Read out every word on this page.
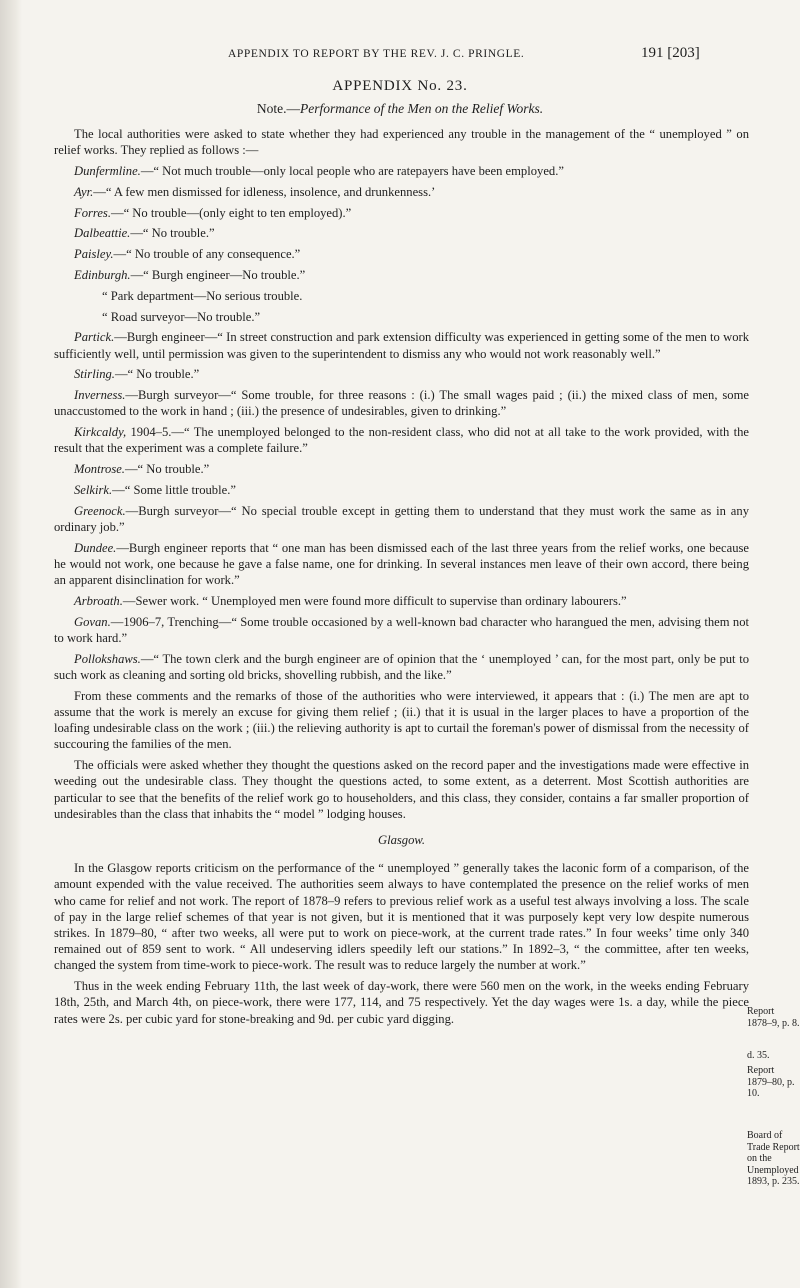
APPENDIX TO REPORT BY THE REV. J. C. PRINGLE.	191 [203]
APPENDIX No. 23.
Note.—Performance of the Men on the Relief Works.

The local authorities were asked to state whether they had experienced any trouble in the management of the “ unemployed ” on relief works. They replied as follows :—

Dunfermline.—“ Not much trouble—only local people who are ratepayers have been employed.”

Ayr.—“ A few men dismissed for idleness, insolence, and drunkenness.’

Forres.—“ No trouble—(only eight to ten employed).”

Dalbeattie.—“ No trouble.”

Paisley.—“ No trouble of any consequence.”

Edinburgh.—“ Burgh engineer—No trouble.”

“ Park department—No serious trouble.

“ Road surveyor—No trouble.”

Partick.—Burgh engineer—“ In street construction and park extension difficulty was experienced in getting some of the men to work sufficiently well, until permission was given to the superintendent to dismiss any who would not work reasonably well.”

Stirling.—“ No trouble.”

Inverness.—Burgh surveyor—“ Some trouble, for three reasons : (i.) The small wages paid ; (ii.) the mixed class of men, some unaccustomed to the work in hand ; (iii.) the presence of undesirables, given to drinking.”

Kirkcaldy, 1904–5.—“ The unemployed belonged to the non-resident class, who did not at all take to the work provided, with the result that the experiment was a complete failure.”

Montrose.—“ No trouble.”

Selkirk.—“ Some little trouble.”

Greenock.—Burgh surveyor—“ No special trouble except in getting them to understand that they must work the same as in any ordinary job.”

Dundee.—Burgh engineer reports that “ one man has been dismissed each of the last three years from the relief works, one because he would not work, one because he gave a false name, one for drinking. In several instances men leave of their own accord, there being an apparent disinclination for work.”

Arbroath.—Sewer work. “ Unemployed men were found more difficult to supervise than ordinary labourers.”

Govan.—1906–7, Trenching—“ Some trouble occasioned by a well-known bad character who harangued the men, advising them not to work hard.”

Pollokshaws.—“ The town clerk and the burgh engineer are of opinion that the ‘ unemployed ’ can, for the most part, only be put to such work as cleaning and sorting old bricks, shovelling rubbish, and the like.”

From these comments and the remarks of those of the authorities who were interviewed, it appears that : (i.) The men are apt to assume that the work is merely an excuse for giving them relief ; (ii.) that it is usual in the larger places to have a proportion of the loafing undesirable class on the work ; (iii.) the relieving authority is apt to curtail the foreman's power of dismissal from the necessity of succouring the families of the men.

The officials were asked whether they thought the questions asked on the record paper and the investigations made were effective in weeding out the undesirable class. They thought the questions acted, to some extent, as a deterrent. Most Scottish authorities are particular to see that the benefits of the relief work go to householders, and this class, they consider, contains a far smaller proportion of undesirables than the class that inhabits the “ model ” lodging houses.

Glasgow.

In the Glasgow reports criticism on the performance of the “ unemployed ” generally takes the laconic form of a comparison, of the amount expended with the value received. The authorities seem always to have contemplated the presence on the relief works of men who came for relief and not work. The report of 1878–9 refers to previous relief work as a useful test always involving a loss. The scale of pay in the large relief schemes of that year is not given, but it is mentioned that it was purposely kept very low despite numerous strikes. In 1879–80, “ after two weeks, all were put to work on piece-work, at the current trade rates.” In four weeks’ time only 340 remained out of 859 sent to work. “ All undeserving idlers speedily left our stations.” In 1892–3, “ the committee, after ten weeks, changed the system from time-work to piece-work. The result was to reduce largely the number at work.”

Thus in the week ending February 11th, the last week of day-work, there were 560 men on the work, in the weeks ending February 18th, 25th, and March 4th, on piece-work, there were 177, 114, and 75 respectively. Yet the day wages were 1s. a day, while the piece rates were 2s. per cubic yard for stone-breaking and 9d. per cubic yard digging.

Report 1878–9, p. 8.
d. 35.
Report 1879–80, p. 10.
Board of Trade Report on the Unemployed 1893, p. 235.
